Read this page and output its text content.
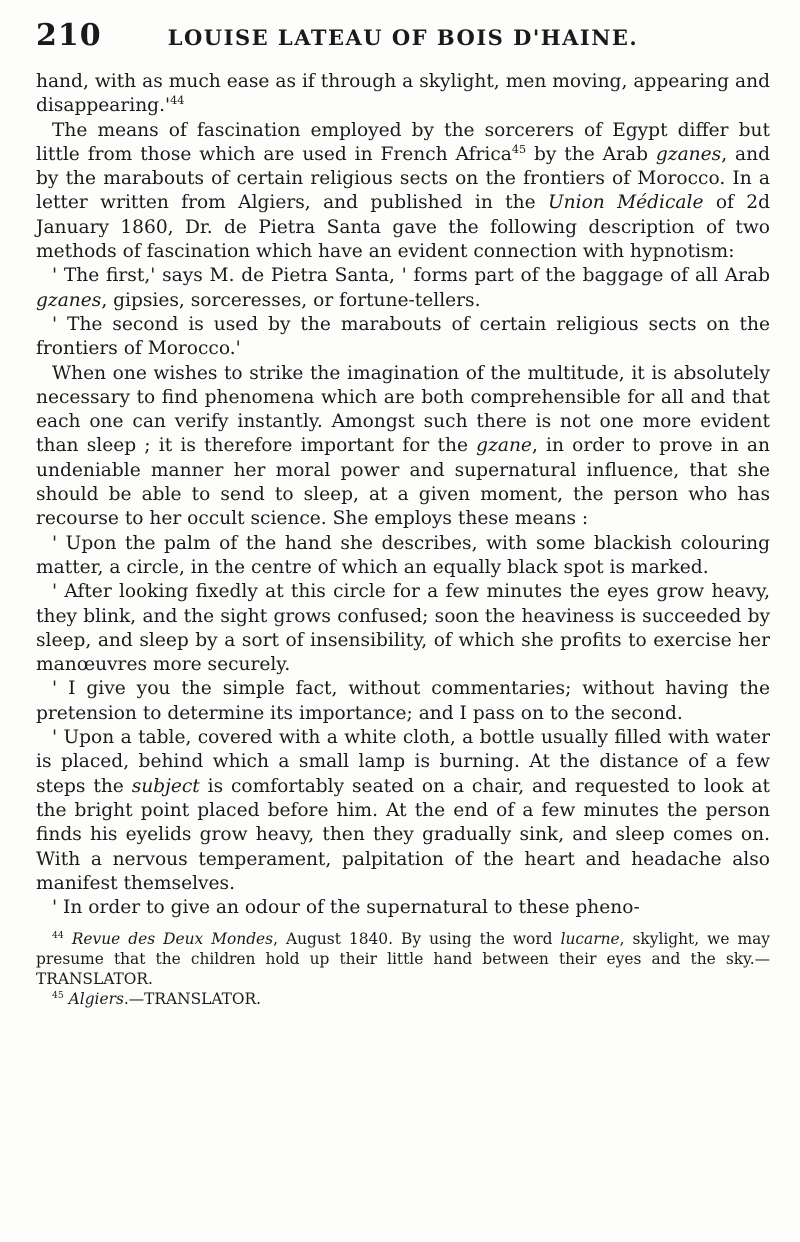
210	LOUISE LATEAU OF BOIS D'HAINE.

hand, with as much ease as if through a skylight, men moving, appearing and $disappearing.'^{44}$

The means of fascination employed by the sorcerers of Egypt differ but little from those which are used in French Africa$^{45}$ by the Arab gzanes, and by the marabouts of certain religious sects on the frontiers of Morocco. In a letter written from Algiers, and published in the Union Médicale of 2d January 1860, Dr. de Pietra Santa gave the following description of two methods of fascination which have an evident connection with hypnotism:

' The first,' says M. de Pietra Santa, ' forms part of the baggage of all Arab gzanes, gipsies, sorceresses, or fortune-tellers.

' The second is used by the marabouts of certain religious sects on the frontiers of Morocco.'

When one wishes to strike the imagination of the multitude, it is absolutely necessary to find phenomena which are both comprehensible for all and that each one can verify instantly. Amongst such there is not one more evident than sleep ; it is therefore important for the gzane, in order to prove in an undeniable manner her moral power and supernatural influence, that she should be able to send to sleep, at a given moment, the person who has recourse to her occult science. She employs these means :

' Upon the palm of the hand she describes, with some blackish colouring matter, a circle, in the centre of which an equally black spot is marked.

' After looking fixedly at this circle for a few minutes the eyes grow heavy, they blink, and the sight grows confused; soon the heaviness is succeeded by sleep, and sleep by a sort of insensibility, of which she profits to exercise her manœuvres more securely.

' I give you the simple fact, without commentaries; without having the pretension to determine its importance; and I pass on to the second.

' Upon a table, covered with a white cloth, a bottle usually filled with water is placed, behind which a small lamp is burning. At the distance of a few steps the subject is comfortably seated on a chair, and requested to look at the bright point placed before him. At the end of a few minutes the person finds his eyelids grow heavy, then they gradually sink, and sleep comes on. With a nervous temperament, palpitation of the heart and headache also manifest themselves.

' In order to give an odour of the supernatural to these pheno-

$^{44}$ Revue des Deux Mondes, August 1840. By using the word lucarne, skylight, we may presume that the children hold up their little hand between their eyes and the sky.—TRANSLATOR.

$^{45}$ Algiers.—TRANSLATOR.
